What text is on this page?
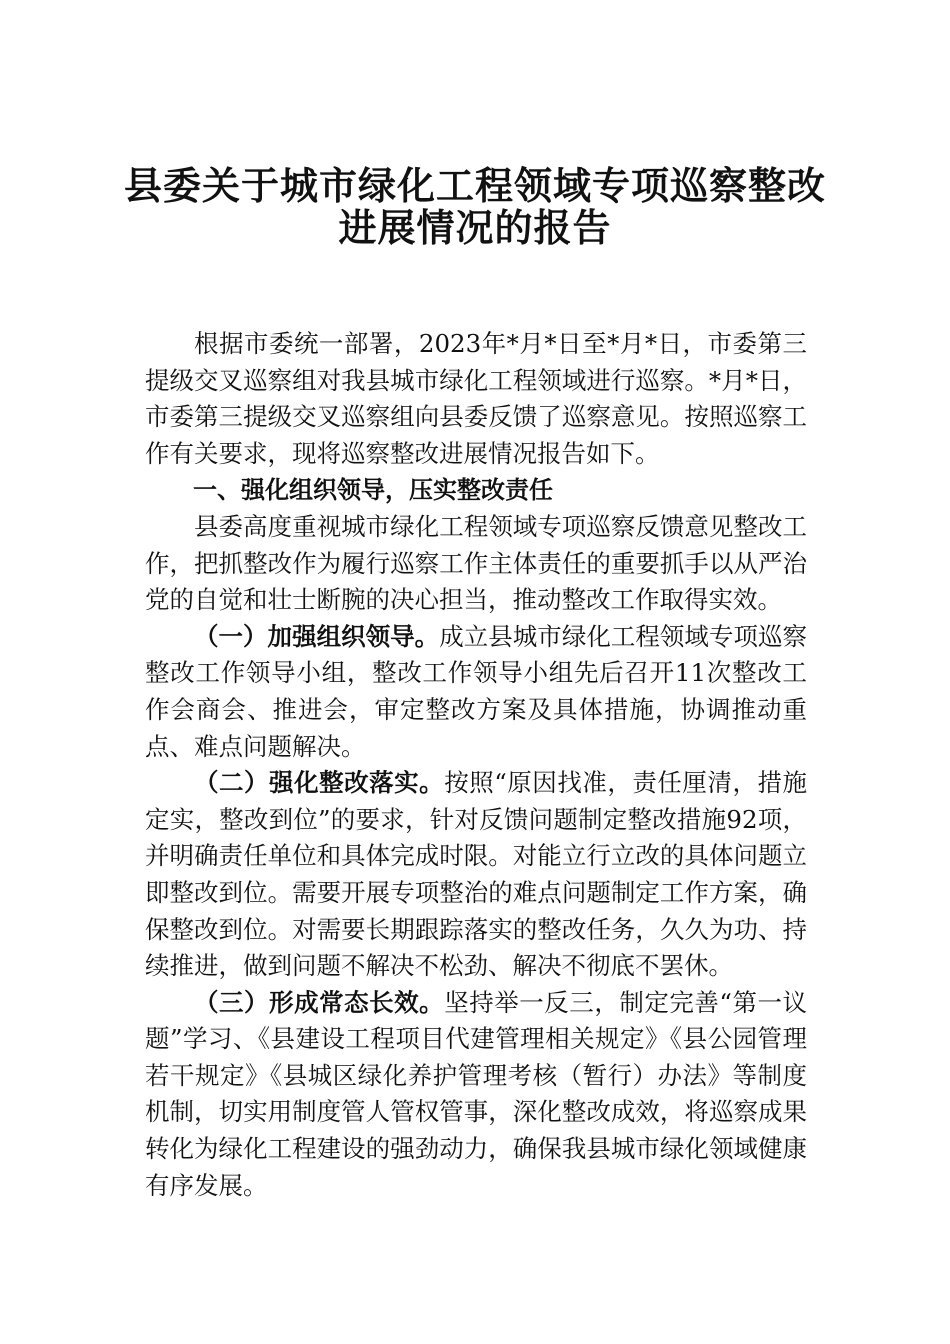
县委关于城市绿化工程领域专项巡察整改
进展情况的报告

根据市委统一部署，2023年*月*日至*月*日，市委第三提级交叉巡察组对我县城市绿化工程领域进行巡察。*月*日，市委第三提级交叉巡察组向县委反馈了巡察意见。按照巡察工作有关要求，现将巡察整改进展情况报告如下。

一、强化组织领导，压实整改责任

县委高度重视城市绿化工程领域专项巡察反馈意见整改工作，把抓整改作为履行巡察工作主体责任的重要抓手以从严治党的自觉和壮士断腕的决心担当，推动整改工作取得实效。

（一）加强组织领导。成立县城市绿化工程领域专项巡察整改工作领导小组，整改工作领导小组先后召开11次整改工作会商会、推进会，审定整改方案及具体措施，协调推动重点、难点问题解决。

（二）强化整改落实。按照“原因找准，责任厘清，措施定实，整改到位”的要求，针对反馈问题制定整改措施92项，并明确责任单位和具体完成时限。对能立行立改的具体问题立即整改到位。需要开展专项整治的难点问题制定工作方案，确保整改到位。对需要长期跟踪落实的整改任务，久久为功、持续推进，做到问题不解决不松劲、解决不彻底不罢休。

（三）形成常态长效。坚持举一反三，制定完善“第一议题”学习、《县建设工程项目代建管理相关规定》《县公园管理若干规定》《县城区绿化养护管理考核（暂行）办法》等制度机制，切实用制度管人管权管事，深化整改成效，将巡察成果转化为绿化工程建设的强劲动力，确保我县城市绿化领域健康有序发展。
